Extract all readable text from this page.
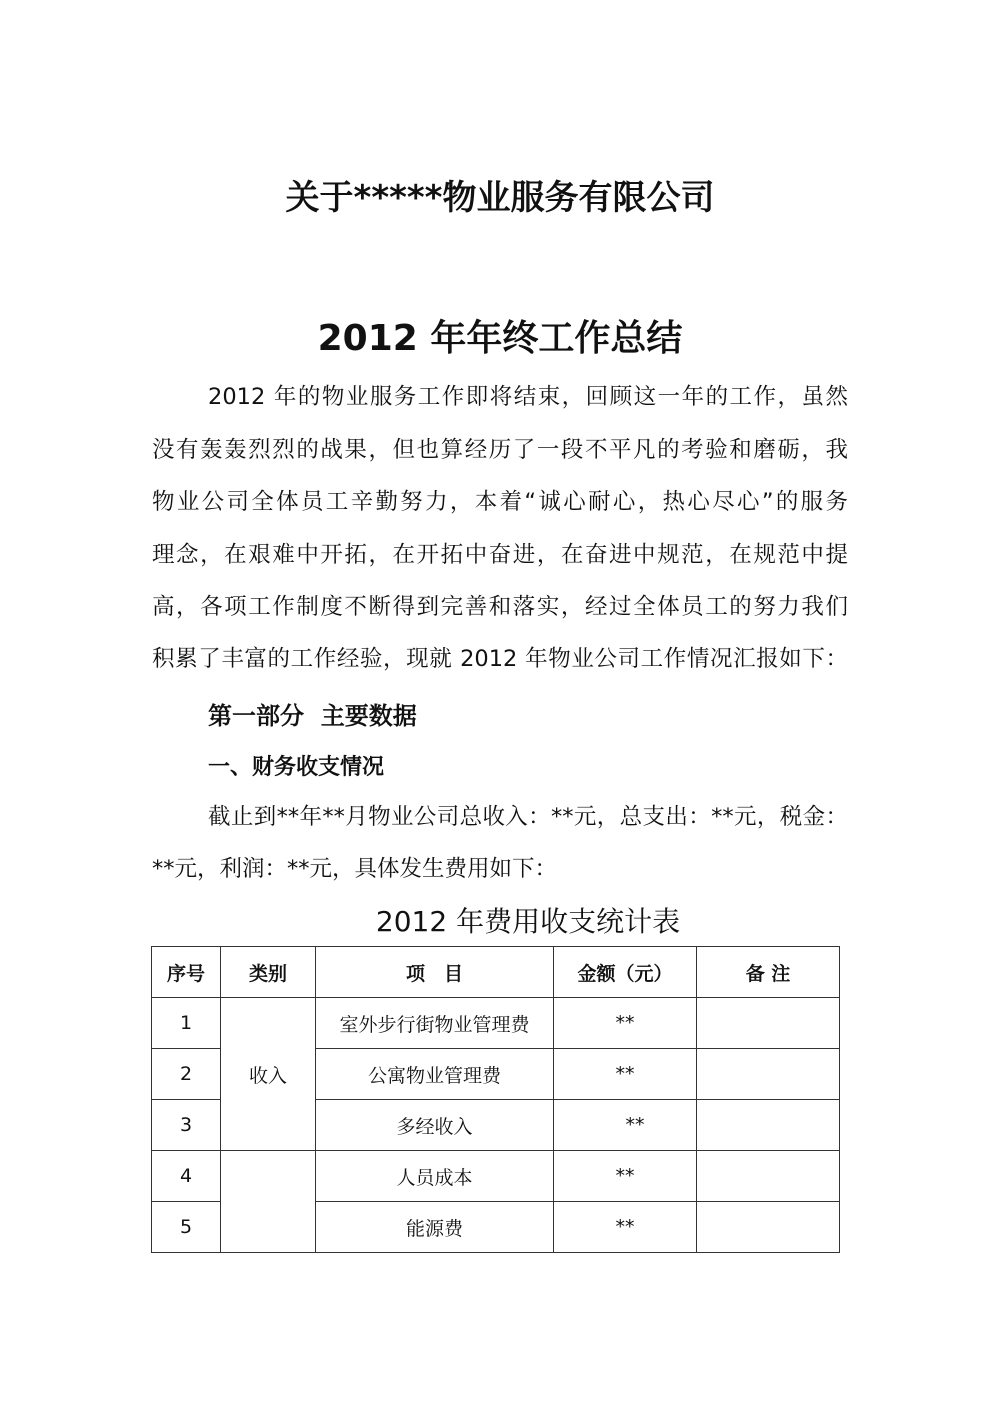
关于*****物业服务有限公司
2012 年年终工作总结
2012 年的物业服务工作即将结束，回顾这一年的工作，虽然
没有轰轰烈烈的战果，但也算经历了一段不平凡的考验和磨砺，我
物业公司全体员工辛勤努力，本着“诚心耐心，热心尽心”的服务
理念，在艰难中开拓，在开拓中奋进，在奋进中规范，在规范中提
高，各项工作制度不断得到完善和落实，经过全体员工的努力我们
积累了丰富的工作经验，现就 2012 年物业公司工作情况汇报如下：
第一部分  主要数据
一、财务收支情况
截止到**年**月物业公司总收入：**元，总支出：**元，税金：
**元，利润：**元，具体发生费用如下：
2012 年费用收支统计表
序号	类别	项　目	金额（元）	备 注
1	收入	室外步行街物业管理费	**	
2		公寓物业管理费	**	
3		多经收入	**	
4		人员成本	**	
5		能源费	**	
